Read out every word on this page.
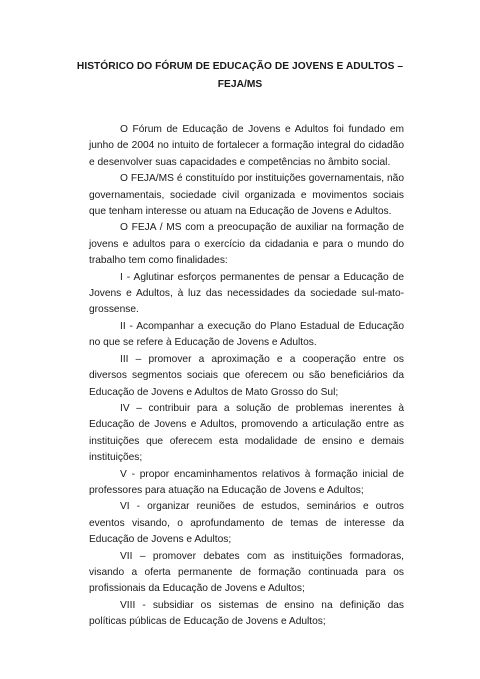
HISTÓRICO DO FÓRUM DE EDUCAÇÃO DE JOVENS E ADULTOS –
FEJA/MS

O Fórum de Educação de Jovens e Adultos foi fundado em junho de 2004 no intuito de fortalecer a formação integral do cidadão e desenvolver suas capacidades e competências no âmbito social.

O FEJA/MS é constituído por instituições governamentais, não governamentais, sociedade civil organizada e movimentos sociais que tenham interesse ou atuam na Educação de Jovens e Adultos.

O FEJA / MS com a preocupação de auxiliar na formação de jovens e adultos para o exercício da cidadania e para o mundo do trabalho tem como finalidades:

I - Aglutinar esforços permanentes de pensar a Educação de Jovens e Adultos, à luz das necessidades da sociedade sul-mato-grossense.

II - Acompanhar a execução do Plano Estadual de Educação no que se refere à Educação de Jovens e Adultos.

III – promover a aproximação e a cooperação entre os diversos segmentos sociais que oferecem ou são beneficiários da Educação de Jovens e Adultos de Mato Grosso do Sul;

IV – contribuir para a solução de problemas inerentes à Educação de Jovens e Adultos, promovendo a articulação entre as instituições que oferecem esta modalidade de ensino e demais instituições;

V - propor encaminhamentos relativos à formação inicial de professores para atuação na Educação de Jovens e Adultos;

VI - organizar reuniões de estudos, seminários e outros eventos visando, o aprofundamento de temas de interesse da Educação de Jovens e Adultos;

VII – promover debates com as instituições formadoras, visando a oferta permanente de formação continuada para os profissionais da Educação de Jovens e Adultos;

VIII - subsidiar os sistemas de ensino na definição das políticas públicas de Educação de Jovens e Adultos;
